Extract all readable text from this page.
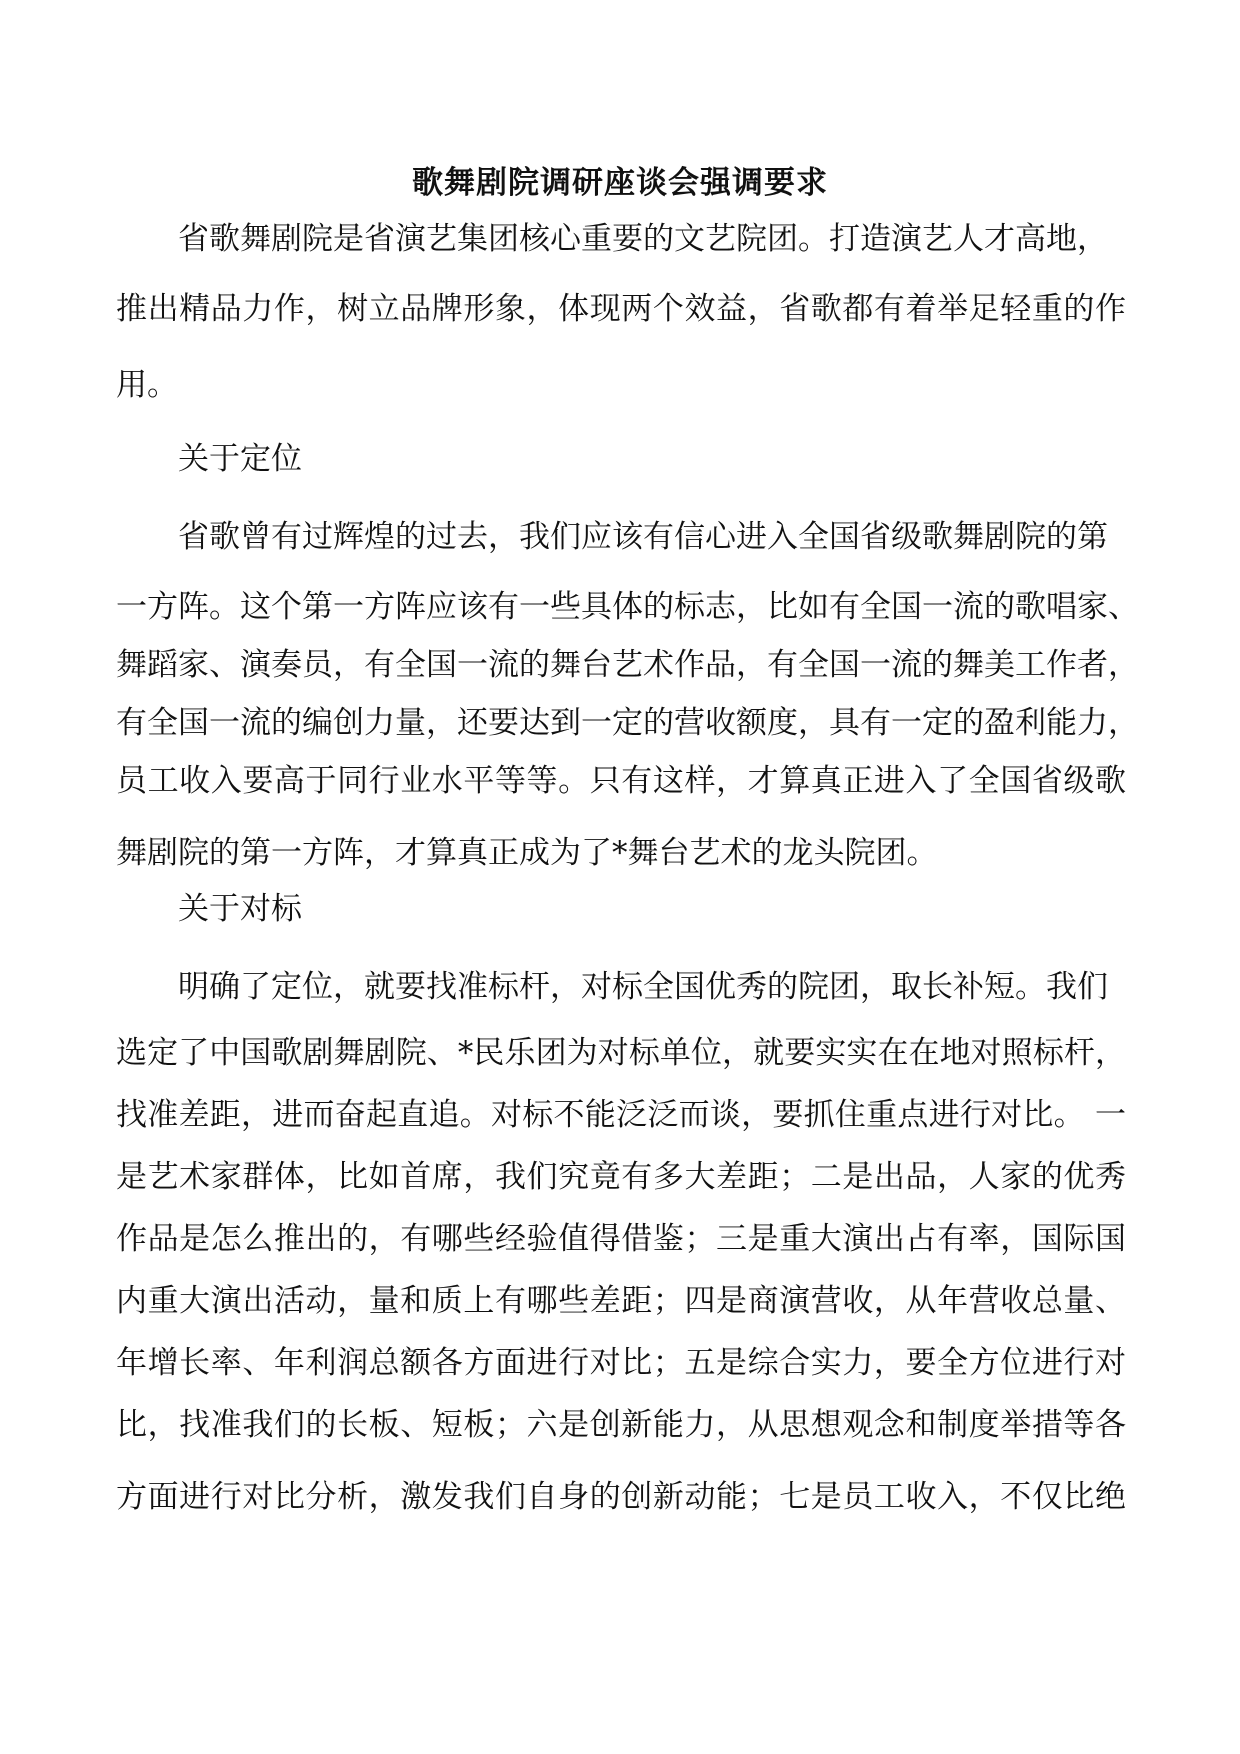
歌舞剧院调研座谈会强调要求
省歌舞剧院是省演艺集团核心重要的文艺院团。打造演艺人才高地，
推出精品力作，树立品牌形象，体现两个效益，省歌都有着举足轻重的作
用。
关于定位
省歌曾有过辉煌的过去，我们应该有信心进入全国省级歌舞剧院的第
一方阵。这个第一方阵应该有一些具体的标志，比如有全国一流的歌唱家、
舞蹈家、演奏员，有全国一流的舞台艺术作品，有全国一流的舞美工作者，
有全国一流的编创力量，还要达到一定的营收额度，具有一定的盈利能力，
员工收入要高于同行业水平等等。只有这样，才算真正进入了全国省级歌
舞剧院的第一方阵，才算真正成为了*舞台艺术的龙头院团。
关于对标
明确了定位，就要找准标杆，对标全国优秀的院团，取长补短。我们
选定了中国歌剧舞剧院、*民乐团为对标单位，就要实实在在地对照标杆，
找准差距，进而奋起直追。对标不能泛泛而谈，要抓住重点进行对比。 一
是艺术家群体，比如首席，我们究竟有多大差距；二是出品，人家的优秀
作品是怎么推出的，有哪些经验值得借鉴；三是重大演出占有率，国际国
内重大演出活动，量和质上有哪些差距；四是商演营收，从年营收总量、
年增长率、年利润总额各方面进行对比；五是综合实力，要全方位进行对
比，找准我们的长板、短板；六是创新能力，从思想观念和制度举措等各
方面进行对比分析，激发我们自身的创新动能；七是员工收入，不仅比绝
